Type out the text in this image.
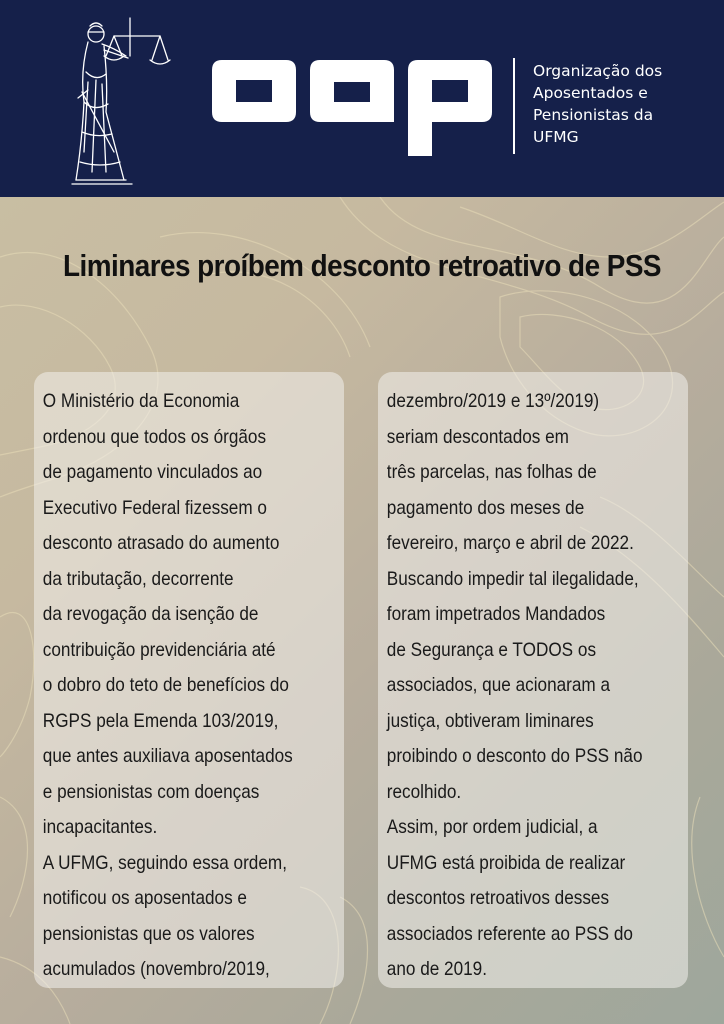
Organização dos
Aposentados e
Pensionistas da
UFMG
Liminares proíbem desconto retroativo de PSS
O Ministério da Economia
ordenou que todos os órgãos
de pagamento vinculados ao
Executivo Federal fizessem o
desconto atrasado do aumento
da tributação, decorrente
da revogação da isenção de
contribuição previdenciária até
o dobro do teto de benefícios do
RGPS pela Emenda 103/2019,
que antes auxiliava aposentados
e pensionistas com doenças
incapacitantes.
A UFMG, seguindo essa ordem,
notificou os aposentados e
pensionistas que os valores
acumulados (novembro/2019,
dezembro/2019 e 13º/2019)
seriam descontados em
três parcelas, nas folhas de
pagamento dos meses de
fevereiro, março e abril de 2022.
Buscando impedir tal ilegalidade,
foram impetrados Mandados
de Segurança e TODOS os
associados, que acionaram a
justiça, obtiveram liminares
proibindo o desconto do PSS não
recolhido.
Assim, por ordem judicial, a
UFMG está proibida de realizar
descontos retroativos desses
associados referente ao PSS do
ano de 2019.
